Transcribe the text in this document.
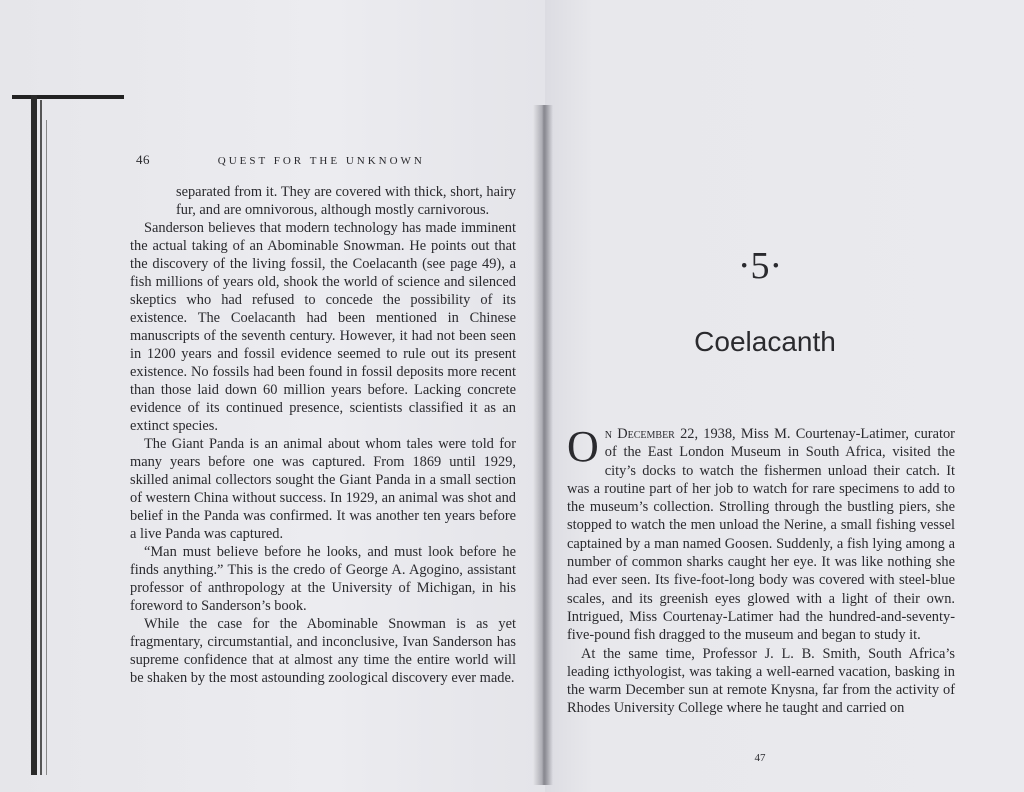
46	QUEST FOR THE UNKNOWN

separated from it. They are covered with thick, short, hairy fur, and are omnivorous, although mostly carnivorous.

Sanderson believes that modern technology has made imminent the actual taking of an Abominable Snowman. He points out that the discovery of the living fossil, the Coelacanth (see page 49), a fish millions of years old, shook the world of science and silenced skeptics who had refused to concede the possibility of its existence. The Coelacanth had been mentioned in Chinese manuscripts of the seventh century. However, it had not been seen in 1200 years and fossil evidence seemed to rule out its present existence. No fossils had been found in fossil deposits more recent than those laid down 60 million years before. Lacking concrete evidence of its continued presence, scientists classified it as an extinct species.

The Giant Panda is an animal about whom tales were told for many years before one was captured. From 1869 until 1929, skilled animal collectors sought the Giant Panda in a small section of western China without success. In 1929, an animal was shot and belief in the Panda was confirmed. It was another ten years before a live Panda was captured.

“Man must believe before he looks, and must look before he finds anything.” This is the credo of George A. Agogino, assistant professor of anthropology at the University of Michigan, in his foreword to Sanderson’s book.

While the case for the Abominable Snowman is as yet fragmentary, circumstantial, and inconclusive, Ivan Sanderson has supreme confidence that at almost any time the entire world will be shaken by the most astounding zoological discovery ever made.

·5·
Coelacanth

On December 22, 1938, Miss M. Courtenay-Latimer, curator of the East London Museum in South Africa, visited the city’s docks to watch the fishermen unload their catch. It was a routine part of her job to watch for rare specimens to add to the museum’s collection. Strolling through the bustling piers, she stopped to watch the men unload the Nerine, a small fishing vessel captained by a man named Goosen. Suddenly, a fish lying among a number of common sharks caught her eye. It was like nothing she had ever seen. Its five-foot-long body was covered with steel-blue scales, and its greenish eyes glowed with a light of their own. Intrigued, Miss Courtenay-Latimer had the hundred-and-seventy-five-pound fish dragged to the museum and began to study it.

At the same time, Professor J. L. B. Smith, South Africa’s leading icthyologist, was taking a well-earned vacation, basking in the warm December sun at remote Knysna, far from the activity of Rhodes University College where he taught and carried on

47
